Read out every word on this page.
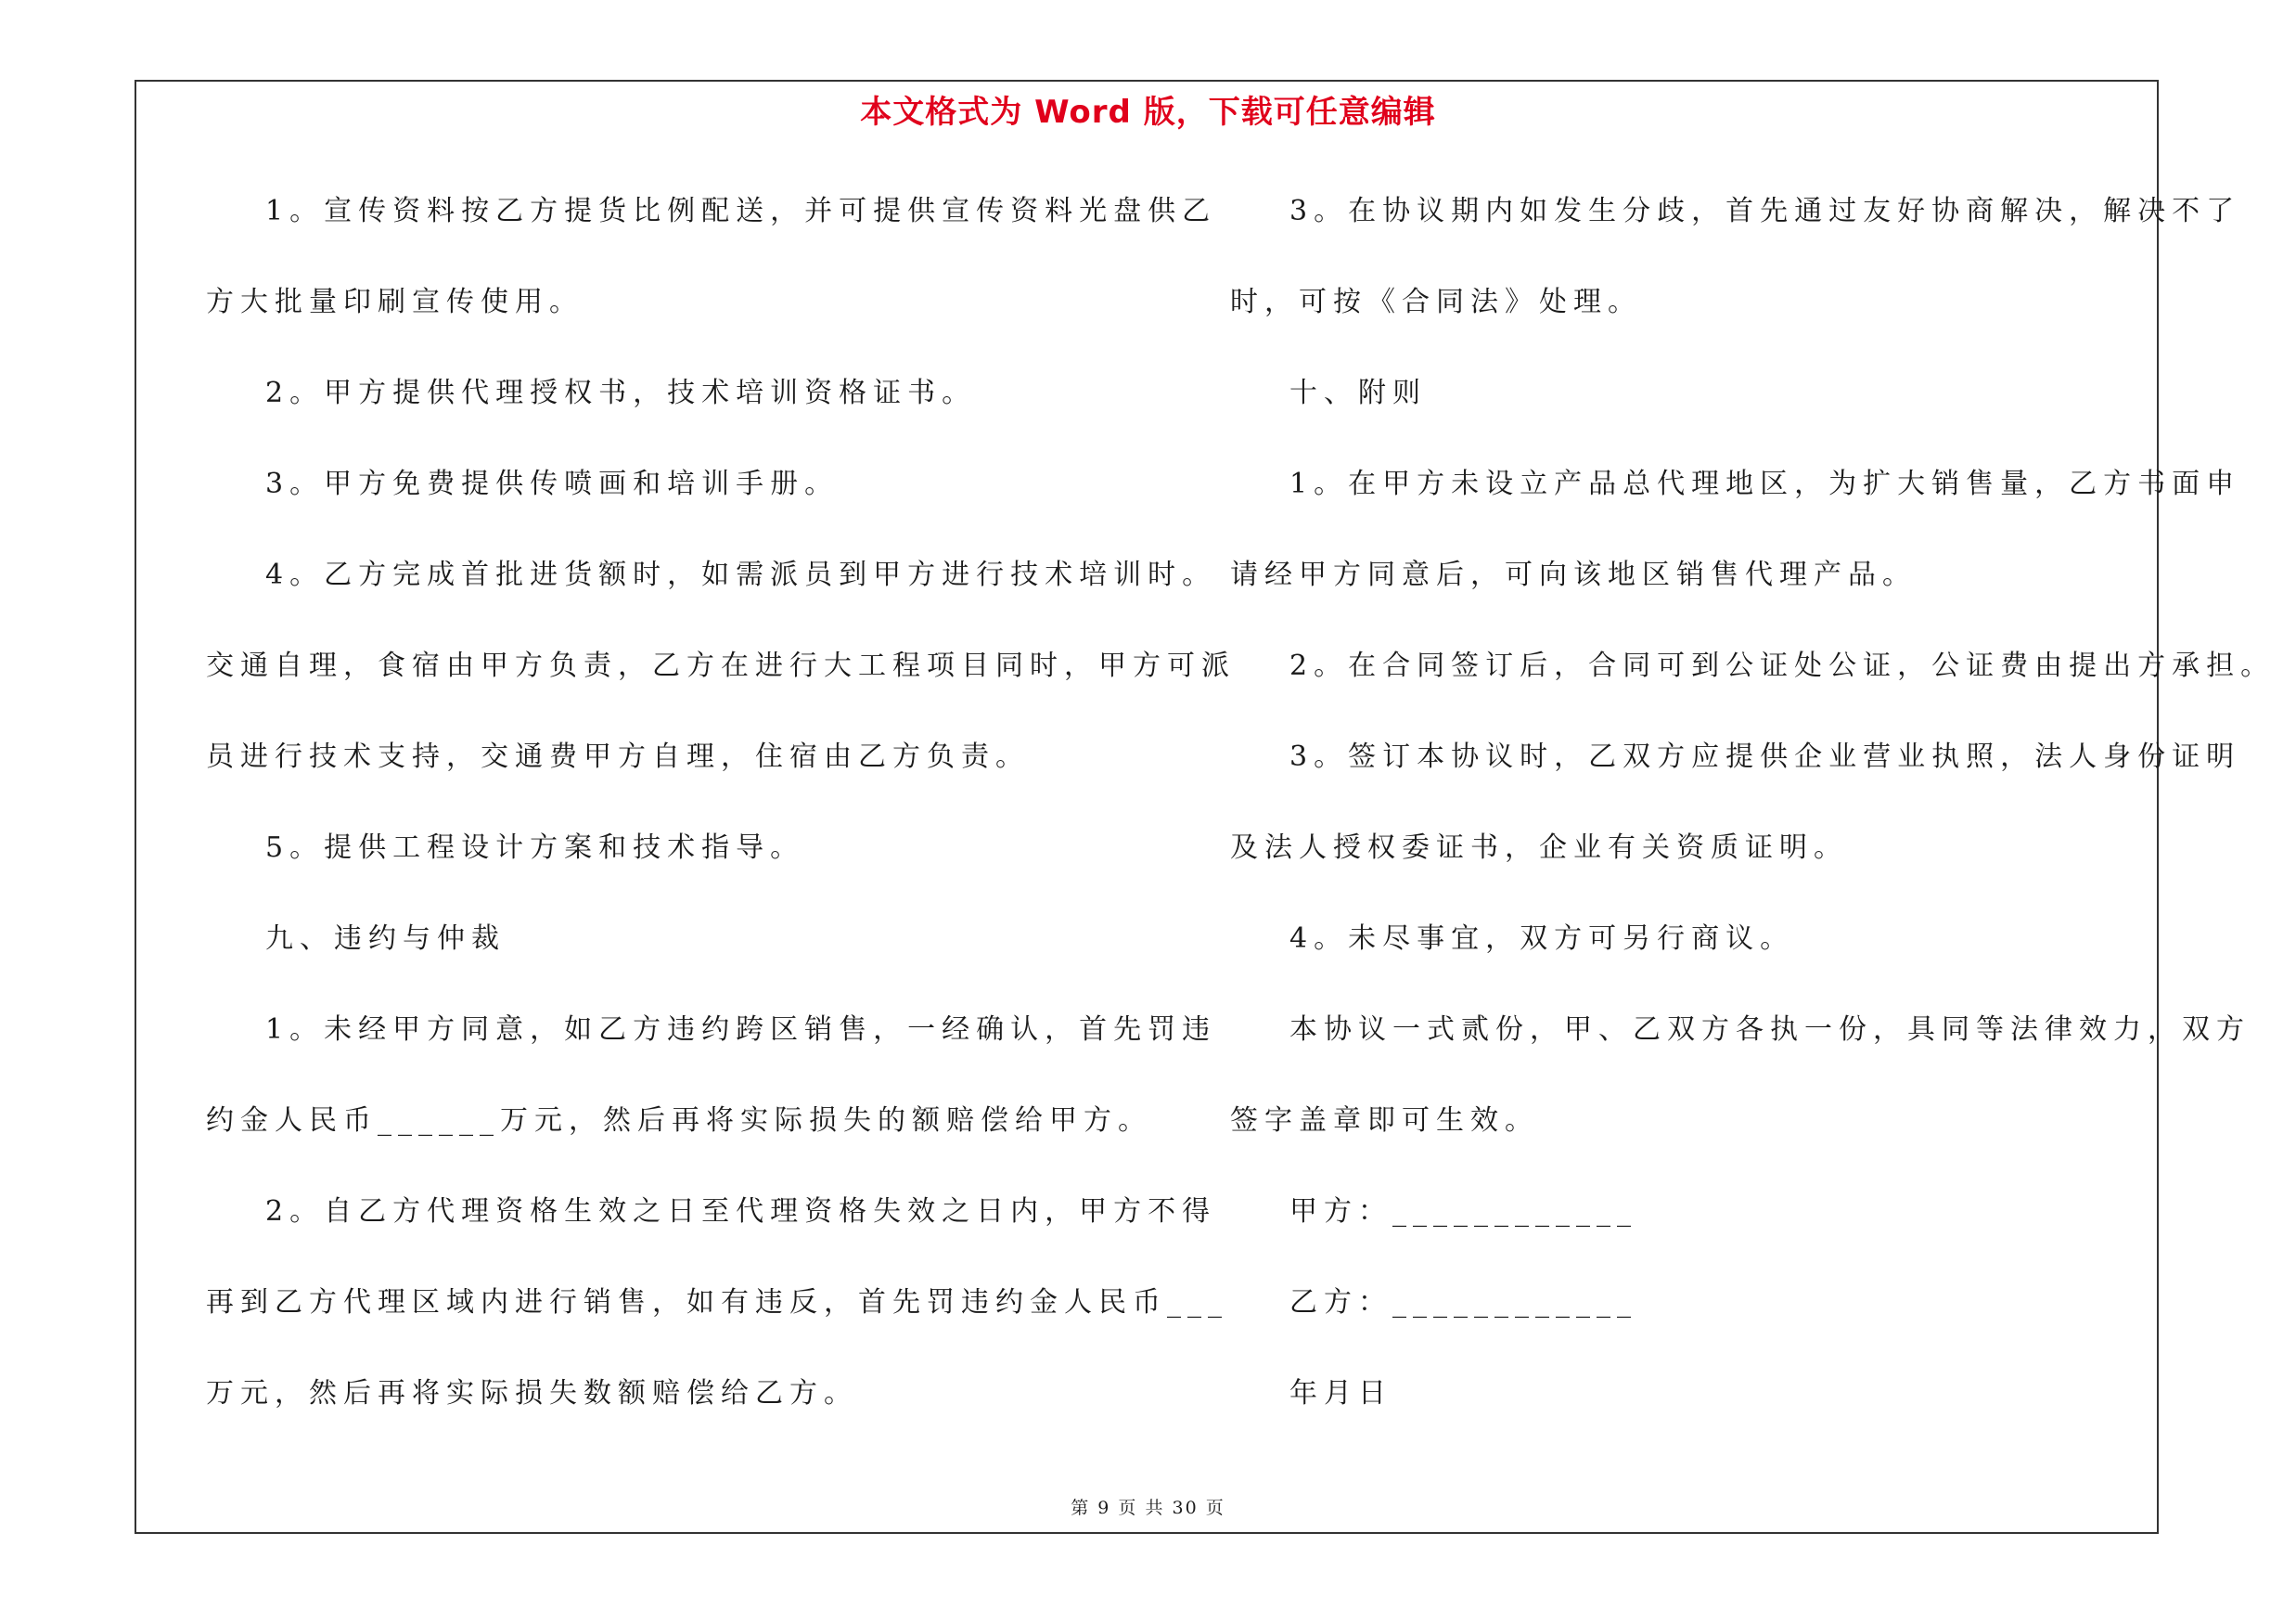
本文格式为 Word 版，下载可任意编辑
1。宣传资料按乙方提货比例配送，并可提供宣传资料光盘供乙
方大批量印刷宣传使用。
2。甲方提供代理授权书，技术培训资格证书。
3。甲方免费提供传喷画和培训手册。
4。乙方完成首批进货额时，如需派员到甲方进行技术培训时。
交通自理，食宿由甲方负责，乙方在进行大工程项目同时，甲方可派
员进行技术支持，交通费甲方自理，住宿由乙方负责。
5。提供工程设计方案和技术指导。
九、违约与仲裁
1。未经甲方同意，如乙方违约跨区销售，一经确认，首先罚违
约金人民币______万元，然后再将实际损失的额赔偿给甲方。
2。自乙方代理资格生效之日至代理资格失效之日内，甲方不得
再到乙方代理区域内进行销售，如有违反，首先罚违约金人民币___
万元，然后再将实际损失数额赔偿给乙方。
3。在协议期内如发生分歧，首先通过友好协商解决，解决不了
时，可按《合同法》处理。
十、附则
1。在甲方未设立产品总代理地区，为扩大销售量，乙方书面申
请经甲方同意后，可向该地区销售代理产品。
2。在合同签订后，合同可到公证处公证，公证费由提出方承担。
3。签订本协议时，乙双方应提供企业营业执照，法人身份证明
及法人授权委证书，企业有关资质证明。
4。未尽事宜，双方可另行商议。
本协议一式贰份，甲、乙双方各执一份，具同等法律效力，双方
签字盖章即可生效。
甲方：____________
乙方：____________
年月日
第 9 页 共 30 页
